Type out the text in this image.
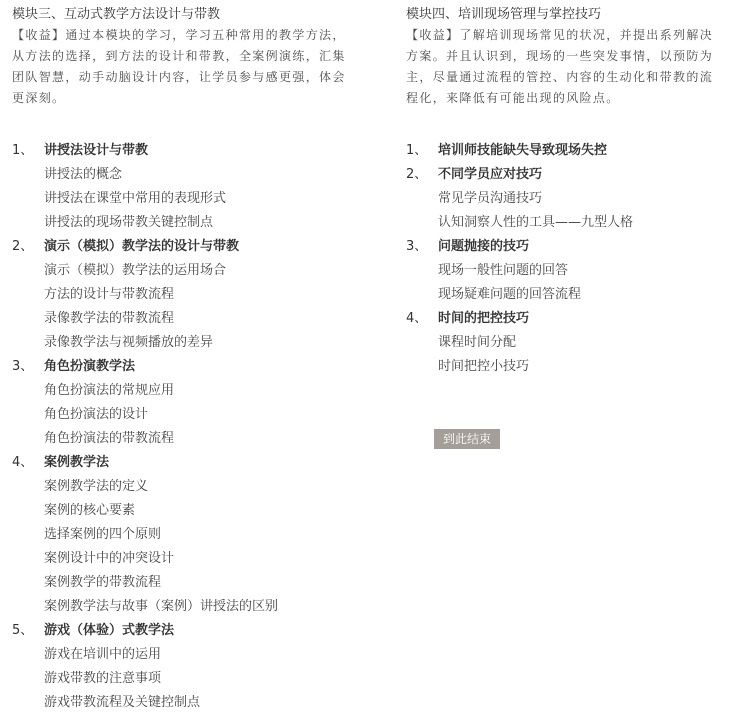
模块三、互动式教学方法设计与带教
【收益】通过本模块的学习，学习五种常用的教学方法，从方法的选择，到方法的设计和带教，全案例演练，汇集团队智慧，动手动脑设计内容，让学员参与感更强，体会更深刻。
1、 讲授法设计与带教
讲授法的概念
讲授法在课堂中常用的表现形式
讲授法的现场带教关键控制点
2、 演示（模拟）教学法的设计与带教
演示（模拟）教学法的运用场合
方法的设计与带教流程
录像教学法的带教流程
录像教学法与视频播放的差异
3、 角色扮演教学法
角色扮演法的常规应用
角色扮演法的设计
角色扮演法的带教流程
4、 案例教学法
案例教学法的定义
案例的核心要素
选择案例的四个原则
案例设计中的冲突设计
案例教学的带教流程
案例教学法与故事（案例）讲授法的区别
5、 游戏（体验）式教学法
游戏在培训中的运用
游戏带教的注意事项
游戏带教流程及关键控制点
模块四、培训现场管理与掌控技巧
【收益】了解培训现场常见的状况，并提出系列解决方案。并且认识到，现场的一些突发事情，以预防为主，尽量通过流程的管控、内容的生动化和带教的流程化，来降低有可能出现的风险点。
1、 培训师技能缺失导致现场失控
2、 不同学员应对技巧
常见学员沟通技巧
认知洞察人性的工具——九型人格
3、 问题抛接的技巧
现场一般性问题的回答
现场疑难问题的回答流程
4、 时间的把控技巧
课程时间分配
时间把控小技巧
到此结束
